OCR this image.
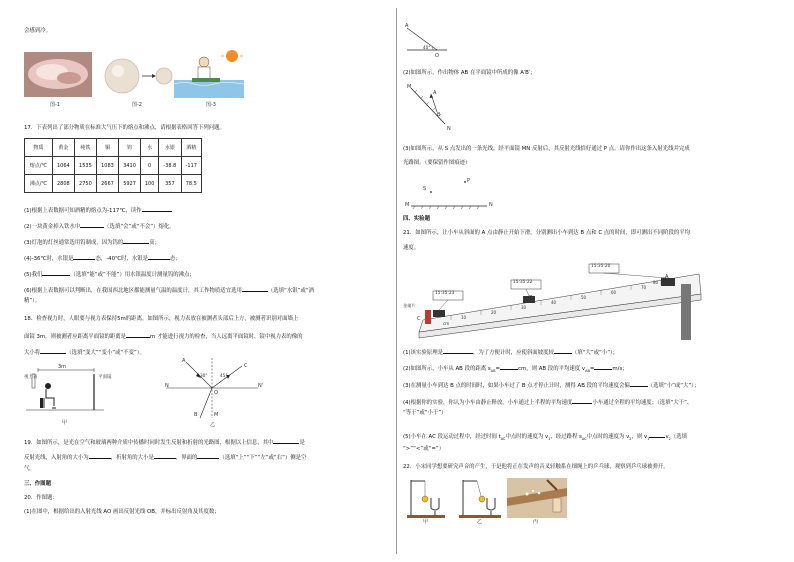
会感到冷。
图-1	图-2	图-3
17．下表列出了部分物质在标准大气压下的熔点和沸点，请根据表格回答下列问题。
物质	黄金	纯铁	铜	钨	水	水银	酒精
熔点/℃	1064	1535	1083	3410	0	-38.8	-117
沸点/℃	2808	2750	2667	5927	100	357	78.5
(1)根据上表数据可知酒精的熔点为-117℃，读作
(2)一块黄金掉入铁水中	（选填“会”或“不会”）熔化。
(3)灯泡的灯丝通常选用钨制成，因为钨的	高；
(4)-36℃时，水银是	态，-40℃时，水银是	态；
(5)我们	（选填“能”或“不能”）用水银温度计测量钨的沸点；
(6)根据上表数据可以判断出，在我国西北地区都能测量气温的温度计，其工作物质适宜选用	（选填“水银”或“酒
精”）。
18．检查视力时，人眼要与视力表保持5m的距离。如图所示，视力表放在被测者头部后上方，被测者识别对面墙上
面镜 3m，则被测者应距离平面镜的距离是	m 才能进行视力的检查，当人远离平面镜时，镜中视力表的像的
大小将	（选填“变大”“变小”或“不变”）。
3m
视力表	平面镜
甲
A
C
30°	45°
N	N'
O
B	M
乙
19．如图所示，是光在空气和玻璃两种介质中传播时同时发生反射和折射的光路图，根据以上信息，其中	是
反射光线，入射角的大小为	，折射角的大小是	，界面的	（选填“上”“下”“左”或“右”）侧是空
气。
三、作图题
20．作图题：
(1)在图中，根据给出的入射光线 AO 画出反射光线 OB，并标出反射角及其度数；
A
40°
O
(2)如图所示，作出物体 AB 在平面镜中所成的像 A′B′；
M
A
B
N
(3)如图所示，从 S 点发出的一条光线，经平面镜 MN 反射后，其反射光线恰好通过 P 点。请你作出这条入射光线并完成
光路图。（要保留作图痕迹）
S
P
M	N
四、实验题
21．如图所示，让小车从斜面的 A 点由静止开始下滑，分别测出小车到达 B 点和 C 点的时间，即可测出不同阶段的平均
速度。
15:35:20
15:35:22
15:35:23
A
B
C
金属片
cm
10
20
30
40
50
60
70
80
(1)该实验原理是	，为了方便计时，应使斜面坡度较	（填“大”或“小”）；
(2)如图所示，小车从 AB 段的距离 $s_{AB}=$	cm，则 AB 段的平均速度 $v_{AB}=$	m/s；
(3)在测量小车到达 B 点的时间时，如果小车过了 B 点才停止计时，测得 AB 段的平均速度会偏	（选填“小”或“大”）；
(4)根据你的实验，你认为小车由静止释放，小车通过上半程的平均速度	小车通过全程的平均速度；（选填“大于”、
“等于”或“小于”）
(5)小车在 AC 段运动过程中，经过时间 $t_{AC}$中点时的速度为 $v_1$，经过路程 $s_{AC}$中点时的速度为 $v_2$，则 $v_1$	$v_2$（选填
“>”“<”或“=”）
22．小宋同学想要研究声音的产生，于是他将正在发声的音叉轻触系在细绳上的乒乓球，观察到乒乓球被弹开。
甲	乙	丙
